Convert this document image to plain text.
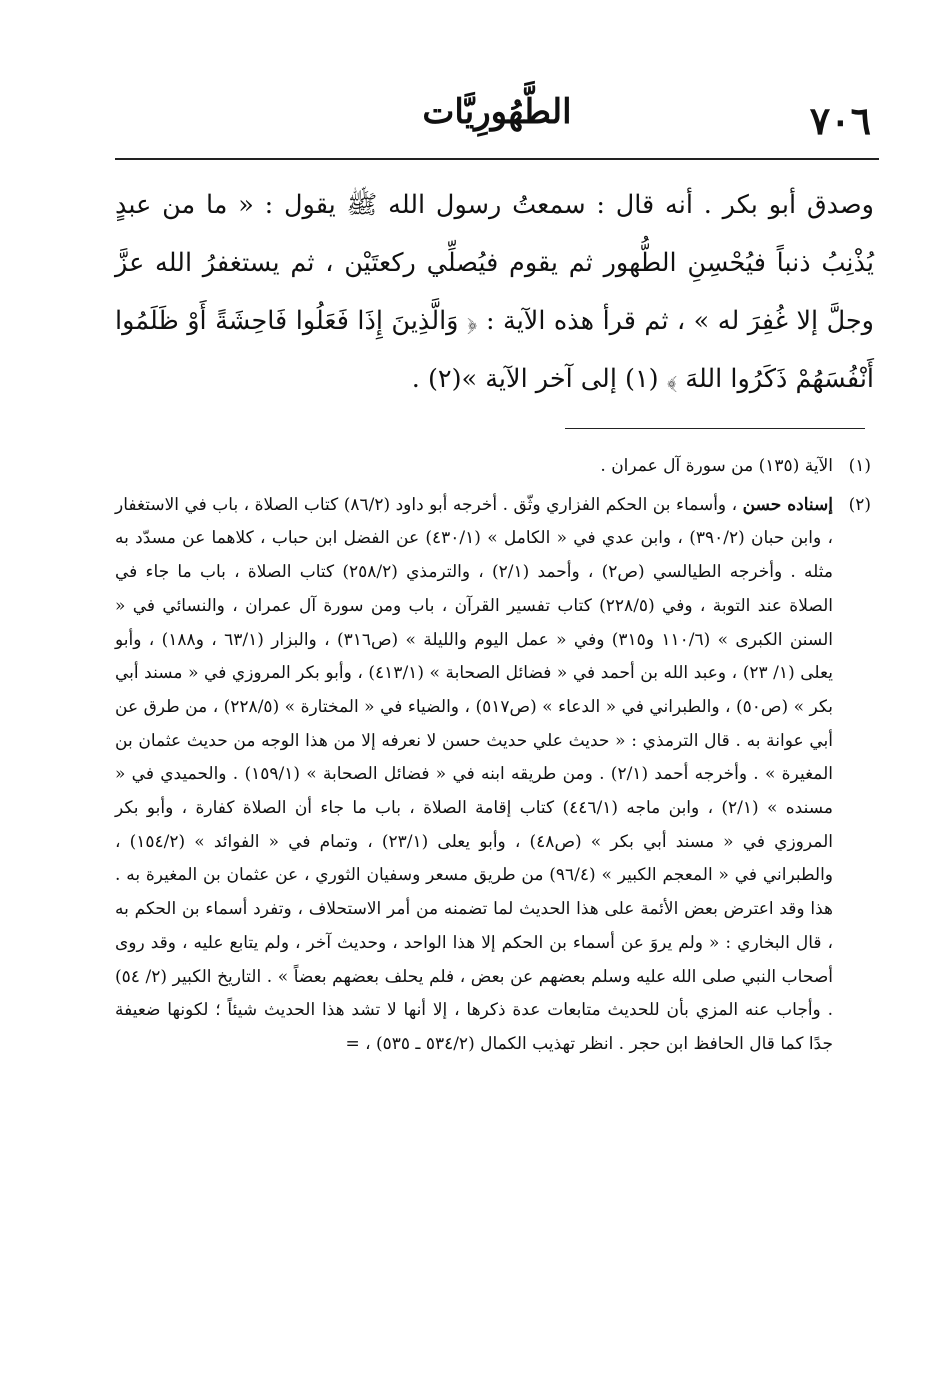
٧٠٦
الطَّهُورِيَّات

وصدق أبو بكر . أنه قال : سمعتُ رسول الله ﷺ يقول : « ما من عبدٍ يُذْنِبُ ذنباً فيُحْسِنِ الطُّهور ثم يقوم فيُصلِّي ركعتَيْن ، ثم يستغفرُ الله عزَّ وجلَّ إلا غُفِرَ له » ، ثم قرأ هذه الآية : ﴿ وَالَّذِينَ إِذَا فَعَلُوا فَاحِشَةً أَوْ ظَلَمُوا أَنْفُسَهُمْ ذَكَرُوا اللهَ ﴾ (١) إلى آخر الآية »(٢) .

(١)
الآية (١٣٥) من سورة آل عمران .
(٢)
إسناده حسن ، وأسماء بن الحكم الفزاري وثّق . أخرجه أبو داود (٨٦/٢) كتاب الصلاة ، باب في الاستغفار ، وابن حبان (٣٩٠/٢) ، وابن عدي في « الكامل » (٤٣٠/١) عن الفضل ابن حباب ، كلاهما عن مسدّد به مثله . وأخرجه الطيالسي (ص٢) ، وأحمد (٢/١) ، والترمذي (٢٥٨/٢) كتاب الصلاة ، باب ما جاء في الصلاة عند التوبة ، وفي (٢٢٨/٥) كتاب تفسير القرآن ، باب ومن سورة آل عمران ، والنسائي في « السنن الكبرى » (١١٠/٦ و٣١٥) وفي « عمل اليوم والليلة » (ص٣١٦) ، والبزار (٦٣/١ ، و١٨٨) ، وأبو يعلى (١/ ٢٣) ، وعبد الله بن أحمد في « فضائل الصحابة » (٤١٣/١) ، وأبو بكر المروزي في « مسند أبي بكر » (ص٥٠) ، والطبراني في « الدعاء » (ص٥١٧) ، والضياء في « المختارة » (٢٢٨/٥) ، من طرق عن أبي عوانة به . قال الترمذي : « حديث علي حديث حسن لا نعرفه إلا من هذا الوجه من حديث عثمان بن المغيرة » . وأخرجه أحمد (٢/١) . ومن طريقه ابنه في « فضائل الصحابة » (١٥٩/١) . والحميدي في « مسنده » (٢/١) ، وابن ماجه (٤٤٦/١) كتاب إقامة الصلاة ، باب ما جاء أن الصلاة كفارة ، وأبو بكر المروزي في « مسند أبي بكر » (ص٤٨) ، وأبو يعلى (٢٣/١) ، وتمام في « الفوائد » (١٥٤/٢) ، والطبراني في « المعجم الكبير » (٩٦/٤) من طريق مسعر وسفيان الثوري ، عن عثمان بن المغيرة به . هذا وقد اعترض بعض الأئمة على هذا الحديث لما تضمنه من أمر الاستحلاف ، وتفرد أسماء بن الحكم به ، قال البخاري : « ولم يروَ عن أسماء بن الحكم إلا هذا الواحد ، وحديث آخر ، ولم يتابع عليه ، وقد روى أصحاب النبي صلى الله عليه وسلم بعضهم عن بعض ، فلم يحلف بعضهم بعضاً » . التاريخ الكبير (٢/ ٥٤) . وأجاب عنه المزي بأن للحديث متابعات عدة ذكرها ، إلا أنها لا تشد هذا الحديث شيئاً ؛ لكونها ضعيفة جدًا كما قال الحافظ ابن حجر . انظر تهذيب الكمال (٥٣٤/٢ ـ ٥٣٥) ، =
